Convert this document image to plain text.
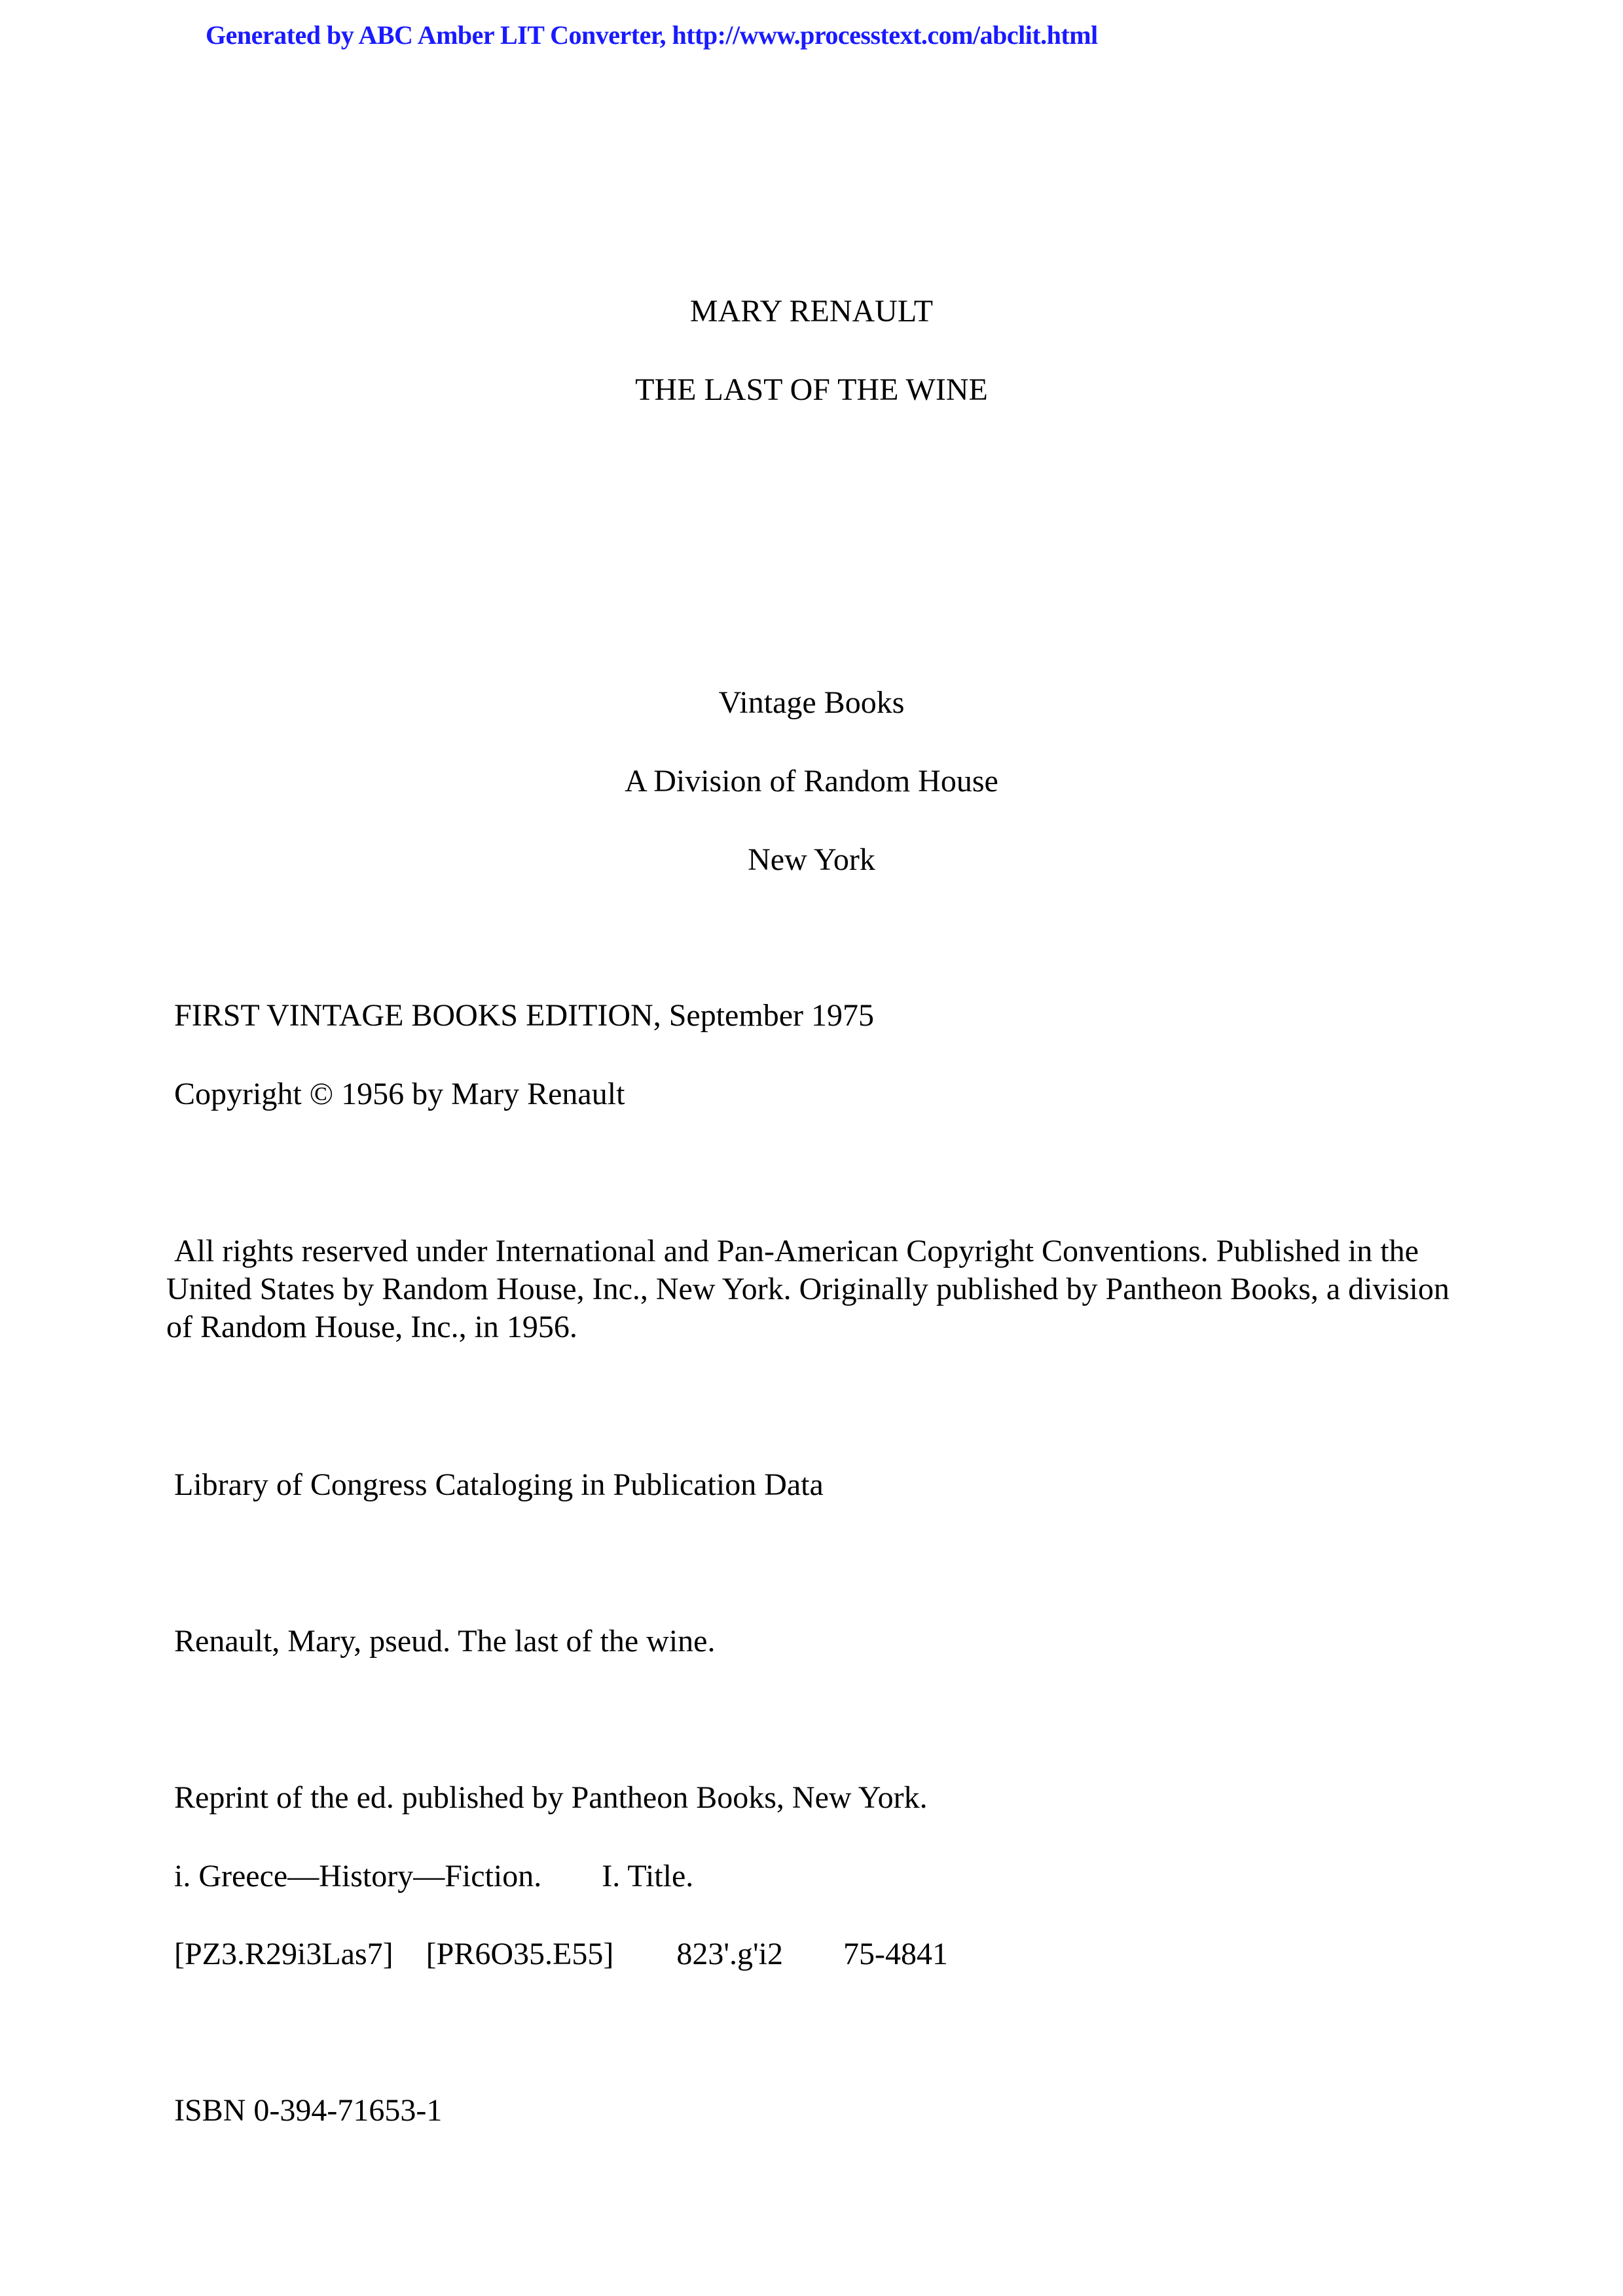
Generated by ABC Amber LIT Converter, http://www.processtext.com/abclit.html
MARY RENAULT
THE LAST OF THE WINE
Vintage Books
A Division of Random House
New York
FIRST VINTAGE BOOKS EDITION, September 1975
Copyright © 1956 by Mary Renault
All rights reserved under International and Pan-American Copyright Conventions. Published in the United States by Random House, Inc., New York. Originally published by Pantheon Books, a division of Random House, Inc., in 1956.
Library of Congress Cataloging in Publication Data
Renault, Mary, pseud. The last of the wine.
Reprint of the ed. published by Pantheon Books, New York.
i. Greece—History—Fiction. I. Title.
[PZ3.R29i3Las7] [PR6O35.E55] 823'.g'i2 75-4841
ISBN 0-394-71653-1
